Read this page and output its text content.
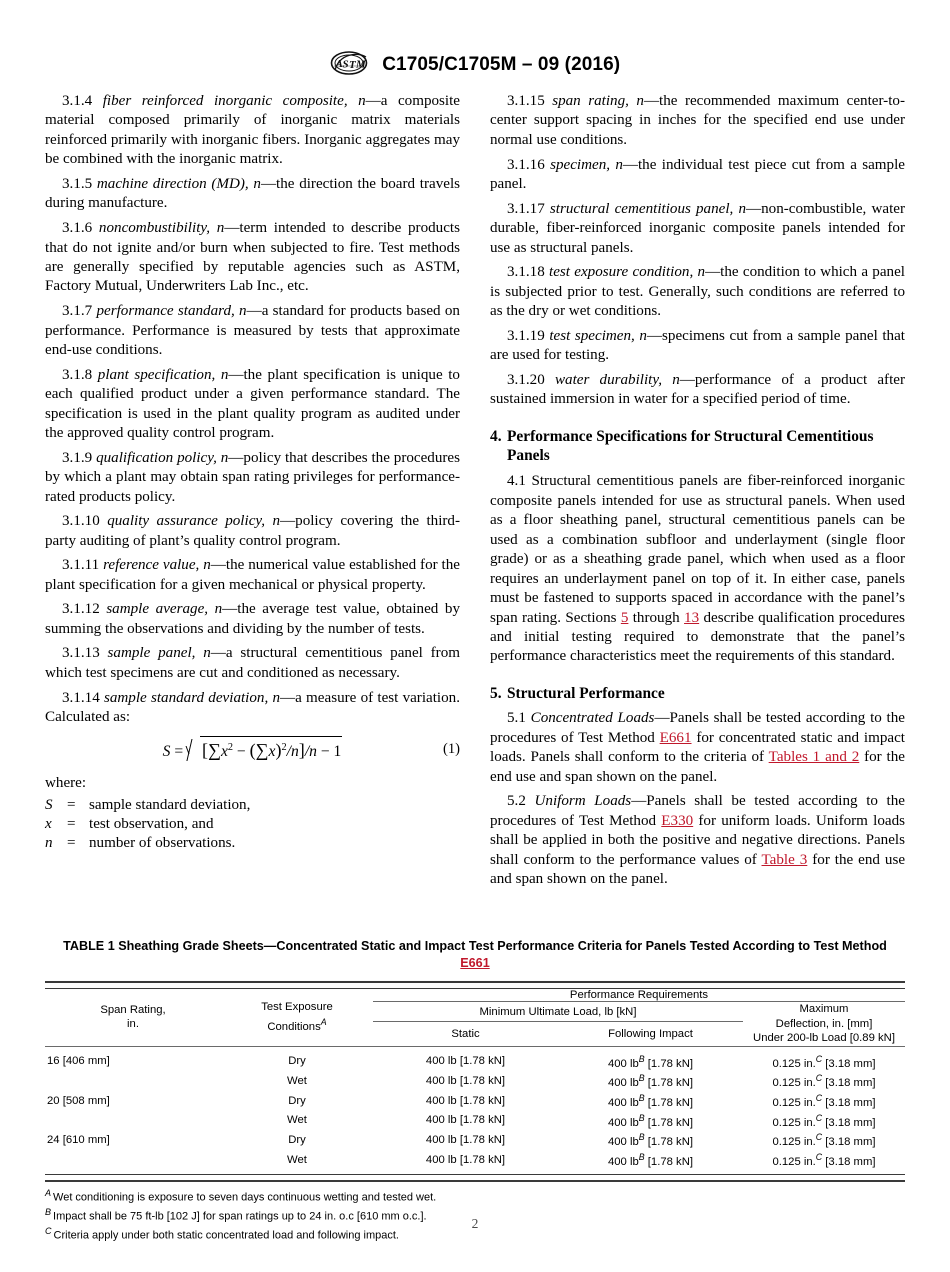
A S T M C1705/C1705M – 09 (2016)

3.1.4 fiber reinforced inorganic composite, n—a composite material composed primarily of inorganic matrix materials reinforced primarily with inorganic fibers. Inorganic aggregates may be combined with the inorganic matrix.

3.1.5 machine direction (MD), n—the direction the board travels during manufacture.

3.1.6 noncombustibility, n—term intended to describe products that do not ignite and/or burn when subjected to fire. Test methods are generally specified by reputable agencies such as ASTM, Factory Mutual, Underwriters Lab Inc., etc.

3.1.7 performance standard, n—a standard for products based on performance. Performance is measured by tests that approximate end-use conditions.

3.1.8 plant specification, n—the plant specification is unique to each qualified product under a given performance standard. The specification is used in the plant quality program as audited under the approved quality control program.

3.1.9 qualification policy, n—policy that describes the procedures by which a plant may obtain span rating privileges for performance-rated products policy.

3.1.10 quality assurance policy, n—policy covering the third-party auditing of plant’s quality control program.

3.1.11 reference value, n—the numerical value established for the plant specification for a given mechanical or physical property.

3.1.12 sample average, n—the average test value, obtained by summing the observations and dividing by the number of tests.

3.1.13 sample panel, n—a structural cementitious panel from which test specimens are cut and conditioned as necessary.

3.1.14 sample standard deviation, n—a measure of test variation. Calculated as:

$S = [\sum x^2 - (\sum x)^2/n]/n - 1$	(1)
where:
S	=	sample standard deviation,
x	=	test observation, and
n	=	number of observations.

3.1.15 span rating, n—the recommended maximum center-to-center support spacing in inches for the specified end use under normal use conditions.

3.1.16 specimen, n—the individual test piece cut from a sample panel.

3.1.17 structural cementitious panel, n—non-combustible, water durable, fiber-reinforced inorganic composite panels intended for use as structural panels.

3.1.18 test exposure condition, n—the condition to which a panel is subjected prior to test. Generally, such conditions are referred to as the dry or wet conditions.

3.1.19 test specimen, n—specimens cut from a sample panel that are used for testing.

3.1.20 water durability, n—performance of a product after sustained immersion in water for a specified period of time.

4. Performance Specifications for Structural Cementitious Panels

4.1 Structural cementitious panels are fiber-reinforced inorganic composite panels intended for use as structural panels. When used as a floor sheathing panel, structural cementitious panels can be used as a combination subfloor and underlayment (single floor grade) or as a sheathing grade panel, which when used as a floor requires an underlayment panel on top of it. In either case, panels must be fastened to supports spaced in accordance with the panel’s span rating. Sections 5 through 13 describe qualification procedures and initial testing required to demonstrate that the panel’s performance characteristics meet the requirements of this standard.

5. Structural Performance

5.1 Concentrated Loads—Panels shall be tested according to the procedures of Test Method E661 for concentrated static and impact loads. Panels shall conform to the criteria of Tables 1 and 2 for the end use and span shown on the panel.

5.2 Uniform Loads—Panels shall be tested according to the procedures of Test Method E330 for uniform loads. Uniform loads shall be applied in both the positive and negative directions. Panels shall conform to the performance values of Table 3 for the end use and span shown on the panel.

TABLE 1 Sheathing Grade Sheets—Concentrated Static and Impact Test Performance Criteria for Panels Tested According to Test Method E661

Span Rating,
in.

Test Exposure
Conditions$^A$
	Performance Requirements
		Minimum Ultimate Load, lb [kN]		Maximum
Deflection, in. [mm]
Under 200-lb Load [0.89 kN]

		Static	Following Impact	

16 [406 mm]	Dry	400 lb [1.78 kN]	400 lb$^B$ [1.78 kN]	0.125 in.$^C$ [3.18 mm]
	Wet	400 lb [1.78 kN]	400 lb$^B$ [1.78 kN]	0.125 in.$^C$ [3.18 mm]
20 [508 mm]	Dry	400 lb [1.78 kN]	400 lb$^B$ [1.78 kN]	0.125 in.$^C$ [3.18 mm]
	Wet	400 lb [1.78 kN]	400 lb$^B$ [1.78 kN]	0.125 in.$^C$ [3.18 mm]
24 [610 mm]	Dry	400 lb [1.78 kN]	400 lb$^B$ [1.78 kN]	0.125 in.$^C$ [3.18 mm]
	Wet	400 lb [1.78 kN]	400 lb$^B$ [1.78 kN]	0.125 in.$^C$ [3.18 mm]

$^A$ Wet conditioning is exposure to seven days continuous wetting and tested wet.
$^B$ Impact shall be 75 ft-lb [102 J] for span ratings up to 24 in. o.c [610 mm o.c.].
$^C$ Criteria apply under both static concentrated load and following impact.
2
